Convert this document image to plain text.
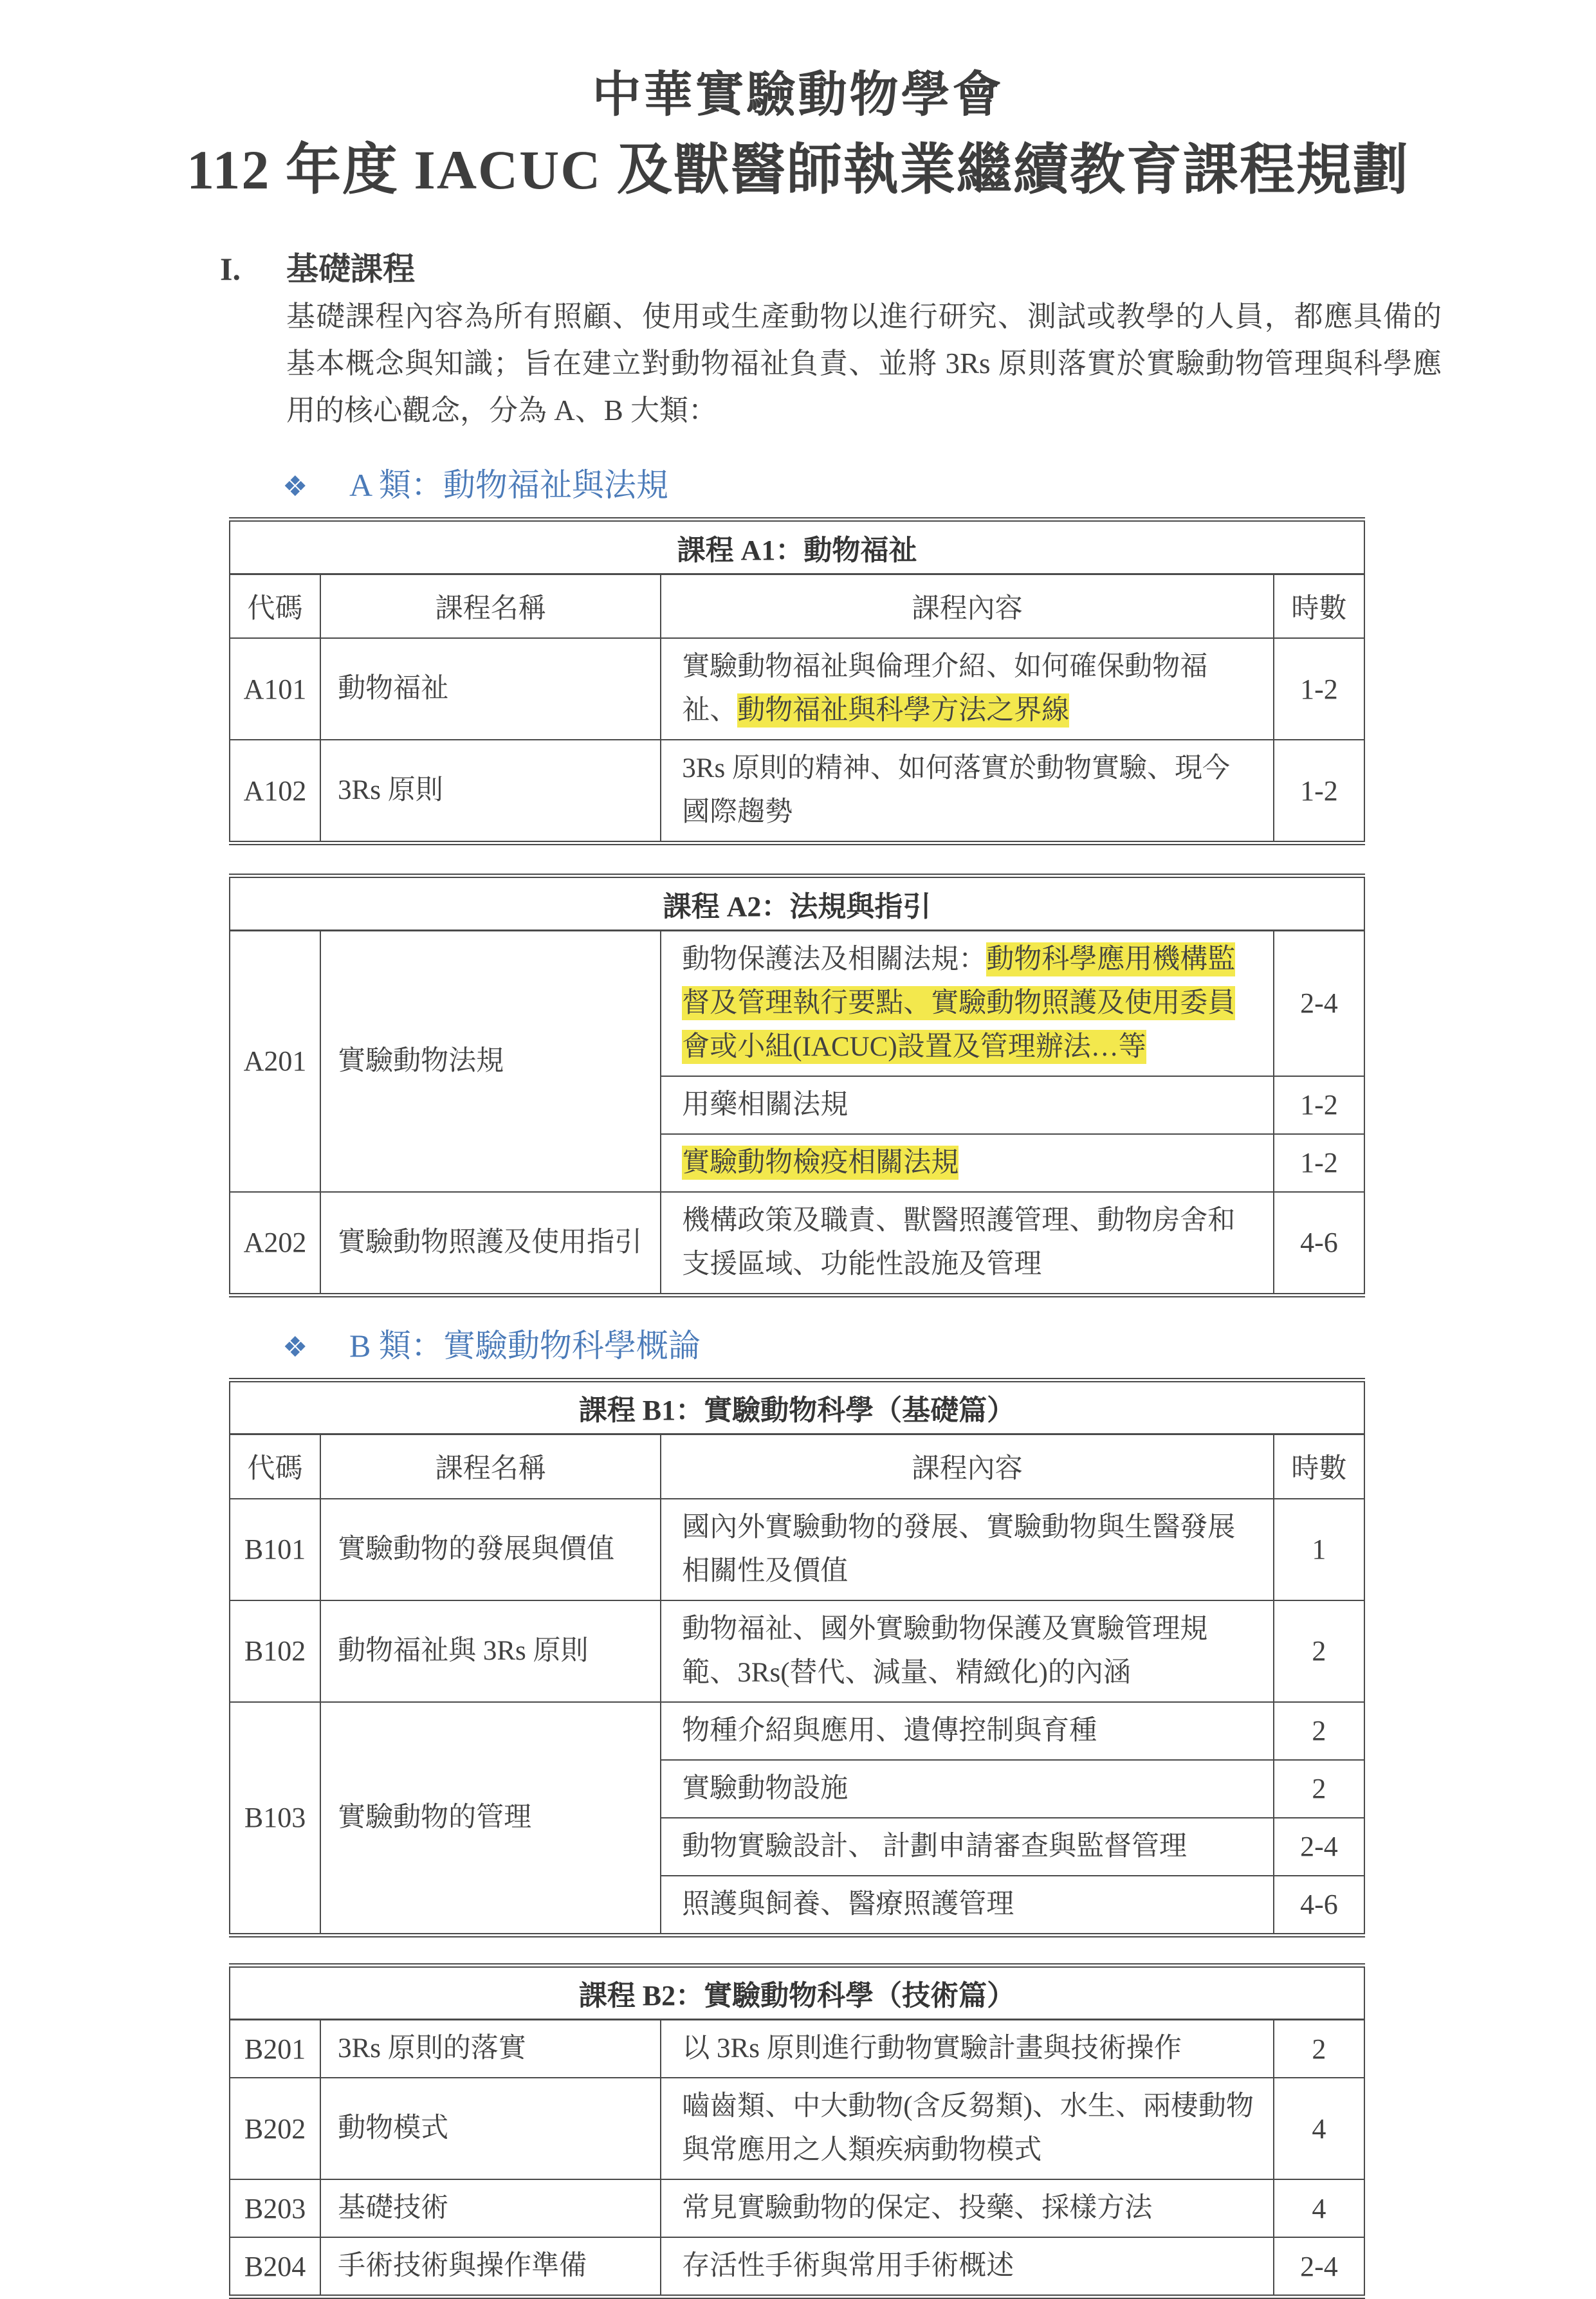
中華實驗動物學會
112 年度 IACUC 及獸醫師執業繼續教育課程規劃
I. 基礎課程

基礎課程內容為所有照顧、使用或生產動物以進行研究、測試或教學的人員，都應具備的基本概念與知識；旨在建立對動物福祉負責、並將 3Rs 原則落實於實驗動物管理與科學應用的核心觀念，分為 A、B 大類：

❖ A 類：動物福祉與法規
課程 A1：動物福祉			
代碼	課程名稱	課程內容	時數
A101	動物福祉	實驗動物福祉與倫理介紹、如何確保動物福祉、動物福祉與科學方法之界線	1-2
A102	3Rs 原則	3Rs 原則的精神、如何落實於動物實驗、現今國際趨勢	1-2
課程 A2：法規與指引			
A201	實驗動物法規	動物保護法及相關法規：動物科學應用機構監督及管理執行要點、實驗動物照護及使用委員會或小組(IACUC)設置及管理辦法…等	2-4
		用藥相關法規	1-2
		實驗動物檢疫相關法規	1-2
A202	實驗動物照護及使用指引	機構政策及職責、獸醫照護管理、動物房舍和支援區域、功能性設施及管理	4-6
❖ B 類：實驗動物科學概論
課程 B1：實驗動物科學（基礎篇）			
代碼	課程名稱	課程內容	時數
B101	實驗動物的發展與價值	國內外實驗動物的發展、實驗動物與生醫發展相關性及價值	1
B102	動物福祉與 3Rs 原則	動物福祉、國外實驗動物保護及實驗管理規範、3Rs(替代、減量、精緻化)的內涵	2
B103	實驗動物的管理	物種介紹與應用、遺傳控制與育種	2
		實驗動物設施	2
		動物實驗設計、 計劃申請審查與監督管理	2-4
		照護與飼養、醫療照護管理	4-6
課程 B2：實驗動物科學（技術篇）			
B201	3Rs 原則的落實	以 3Rs 原則進行動物實驗計畫與技術操作	2
B202	動物模式	嚙齒類、中大動物(含反芻類)、水生、兩棲動物與常應用之人類疾病動物模式	4
B203	基礎技術	常見實驗動物的保定、投藥、採樣方法	4
B204	手術技術與操作準備	存活性手術與常用手術概述	2-4
